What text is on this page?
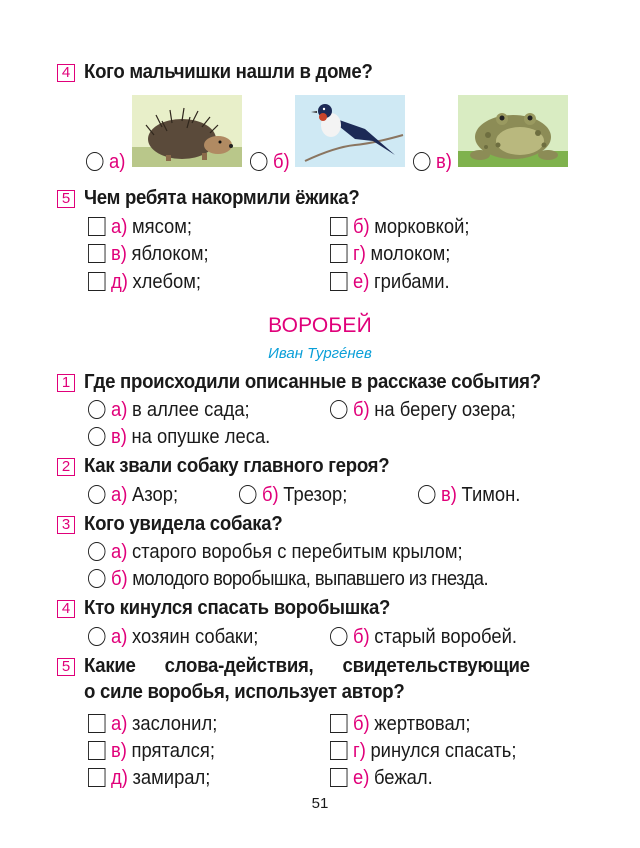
4 Кого мальчишки нашли в доме?
а)	б)	в)
5 Чем ребята накормили ёжика?
а) мясом;	б) морковкой;
в) яблоком;	г) молоком;
д) хлебом;	е) грибами.
ВОРОБЕЙ
Иван Тургéнев
1 Где происходили описанные в рассказе события?
а) в аллее сада;	б) на берегу озера;
в) на опушке леса.
2 Как звали собаку главного героя?
а) Азор;	б) Трезор;	в) Тимон.
3 Кого увидела собака?
а) старого воробья с перебитым крылом;
б) молодого воробышка, выпавшего из гнезда.
4 Кто кинулся спасать воробышка?
а) хозяин собаки;	б) старый воробей.
5 Какие слова-действия, свидетельствующие
о силе воробья, использует автор?
а) заслонил;	б) жертвовал;
в) прятался;	г) ринулся спасать;
д) замирал;	е) бежал.
51
